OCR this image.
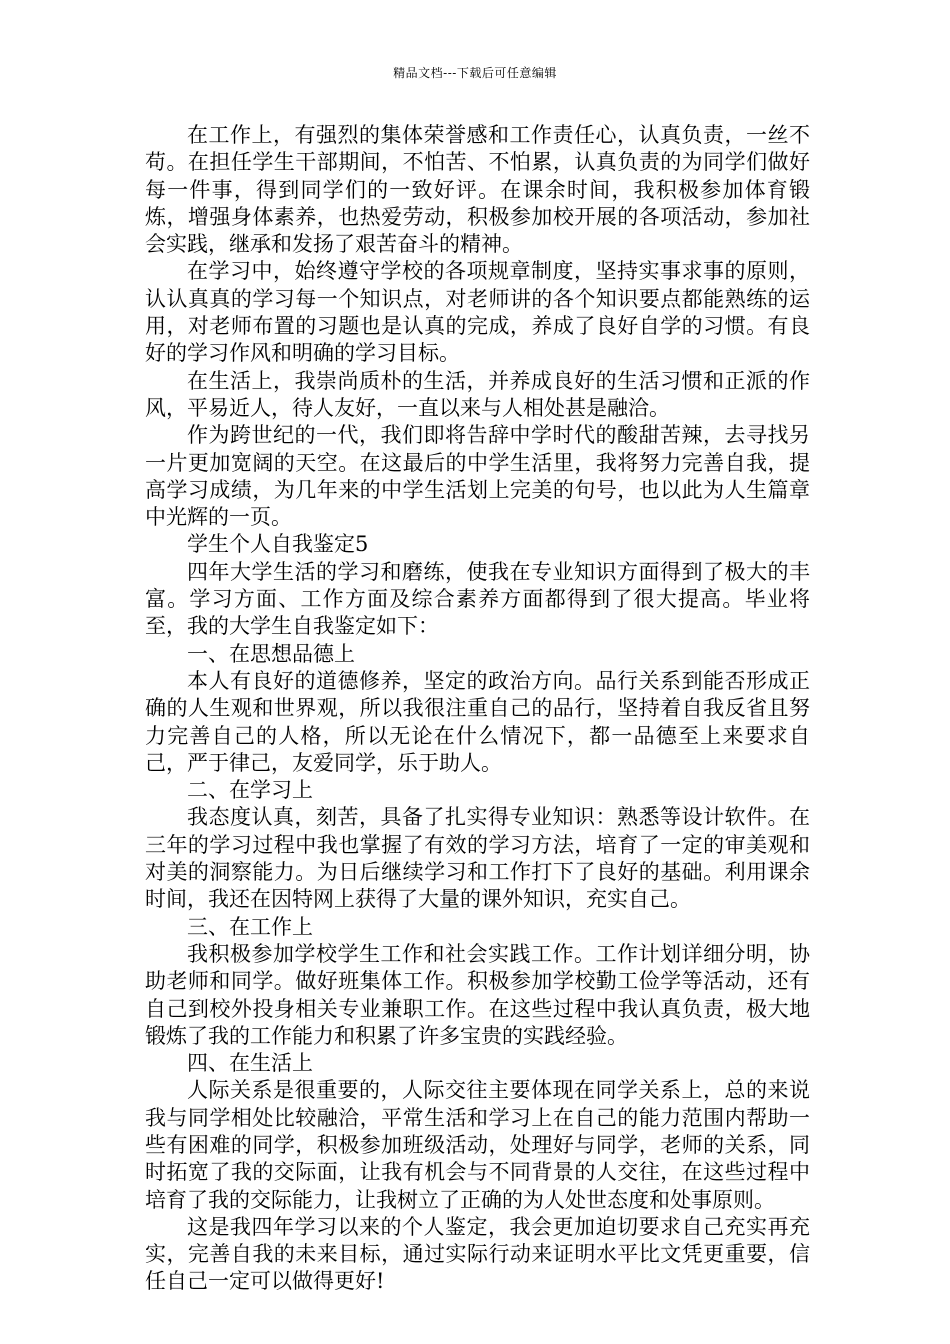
精品文档---下载后可任意编辑

在工作上，有强烈的集体荣誉感和工作责任心，认真负责，一丝不苟。在担任学生干部期间，不怕苦、不怕累，认真负责的为同学们做好每一件事，得到同学们的一致好评。在课余时间，我积极参加体育锻炼，增强身体素养，也热爱劳动，积极参加校开展的各项活动，参加社会实践，继承和发扬了艰苦奋斗的精神。

在学习中，始终遵守学校的各项规章制度，坚持实事求事的原则，认认真真的学习每一个知识点，对老师讲的各个知识要点都能熟练的运用，对老师布置的习题也是认真的完成，养成了良好自学的习惯。有良好的学习作风和明确的学习目标。

在生活上，我崇尚质朴的生活，并养成良好的生活习惯和正派的作风，平易近人，待人友好，一直以来与人相处甚是融洽。

作为跨世纪的一代，我们即将告辞中学时代的酸甜苦辣，去寻找另一片更加宽阔的天空。在这最后的中学生活里，我将努力完善自我，提高学习成绩，为几年来的中学生活划上完美的句号，也以此为人生篇章中光辉的一页。

学生个人自我鉴定5

四年大学生活的学习和磨练，使我在专业知识方面得到了极大的丰富。学习方面、工作方面及综合素养方面都得到了很大提高。毕业将至，我的大学生自我鉴定如下：

一、在思想品德上

本人有良好的道德修养，坚定的政治方向。品行关系到能否形成正确的人生观和世界观，所以我很注重自己的品行，坚持着自我反省且努力完善自己的人格，所以无论在什么情况下，都一品德至上来要求自己，严于律己，友爱同学，乐于助人。

二、在学习上

我态度认真，刻苦，具备了扎实得专业知识：熟悉等设计软件。在三年的学习过程中我也掌握了有效的学习方法，培育了一定的审美观和对美的洞察能力。为日后继续学习和工作打下了良好的基础。利用课余时间，我还在因特网上获得了大量的课外知识，充实自己。

三、在工作上

我积极参加学校学生工作和社会实践工作。工作计划详细分明，协助老师和同学。做好班集体工作。积极参加学校勤工俭学等活动，还有自己到校外投身相关专业兼职工作。在这些过程中我认真负责，极大地锻炼了我的工作能力和积累了许多宝贵的实践经验。

四、在生活上

人际关系是很重要的，人际交往主要体现在同学关系上，总的来说我与同学相处比较融洽，平常生活和学习上在自己的能力范围内帮助一些有困难的同学，积极参加班级活动，处理好与同学，老师的关系，同时拓宽了我的交际面，让我有机会与不同背景的人交往，在这些过程中培育了我的交际能力，让我树立了正确的为人处世态度和处事原则。

这是我四年学习以来的个人鉴定，我会更加迫切要求自己充实再充实，完善自我的未来目标，通过实际行动来证明水平比文凭更重要，信任自己一定可以做得更好!
